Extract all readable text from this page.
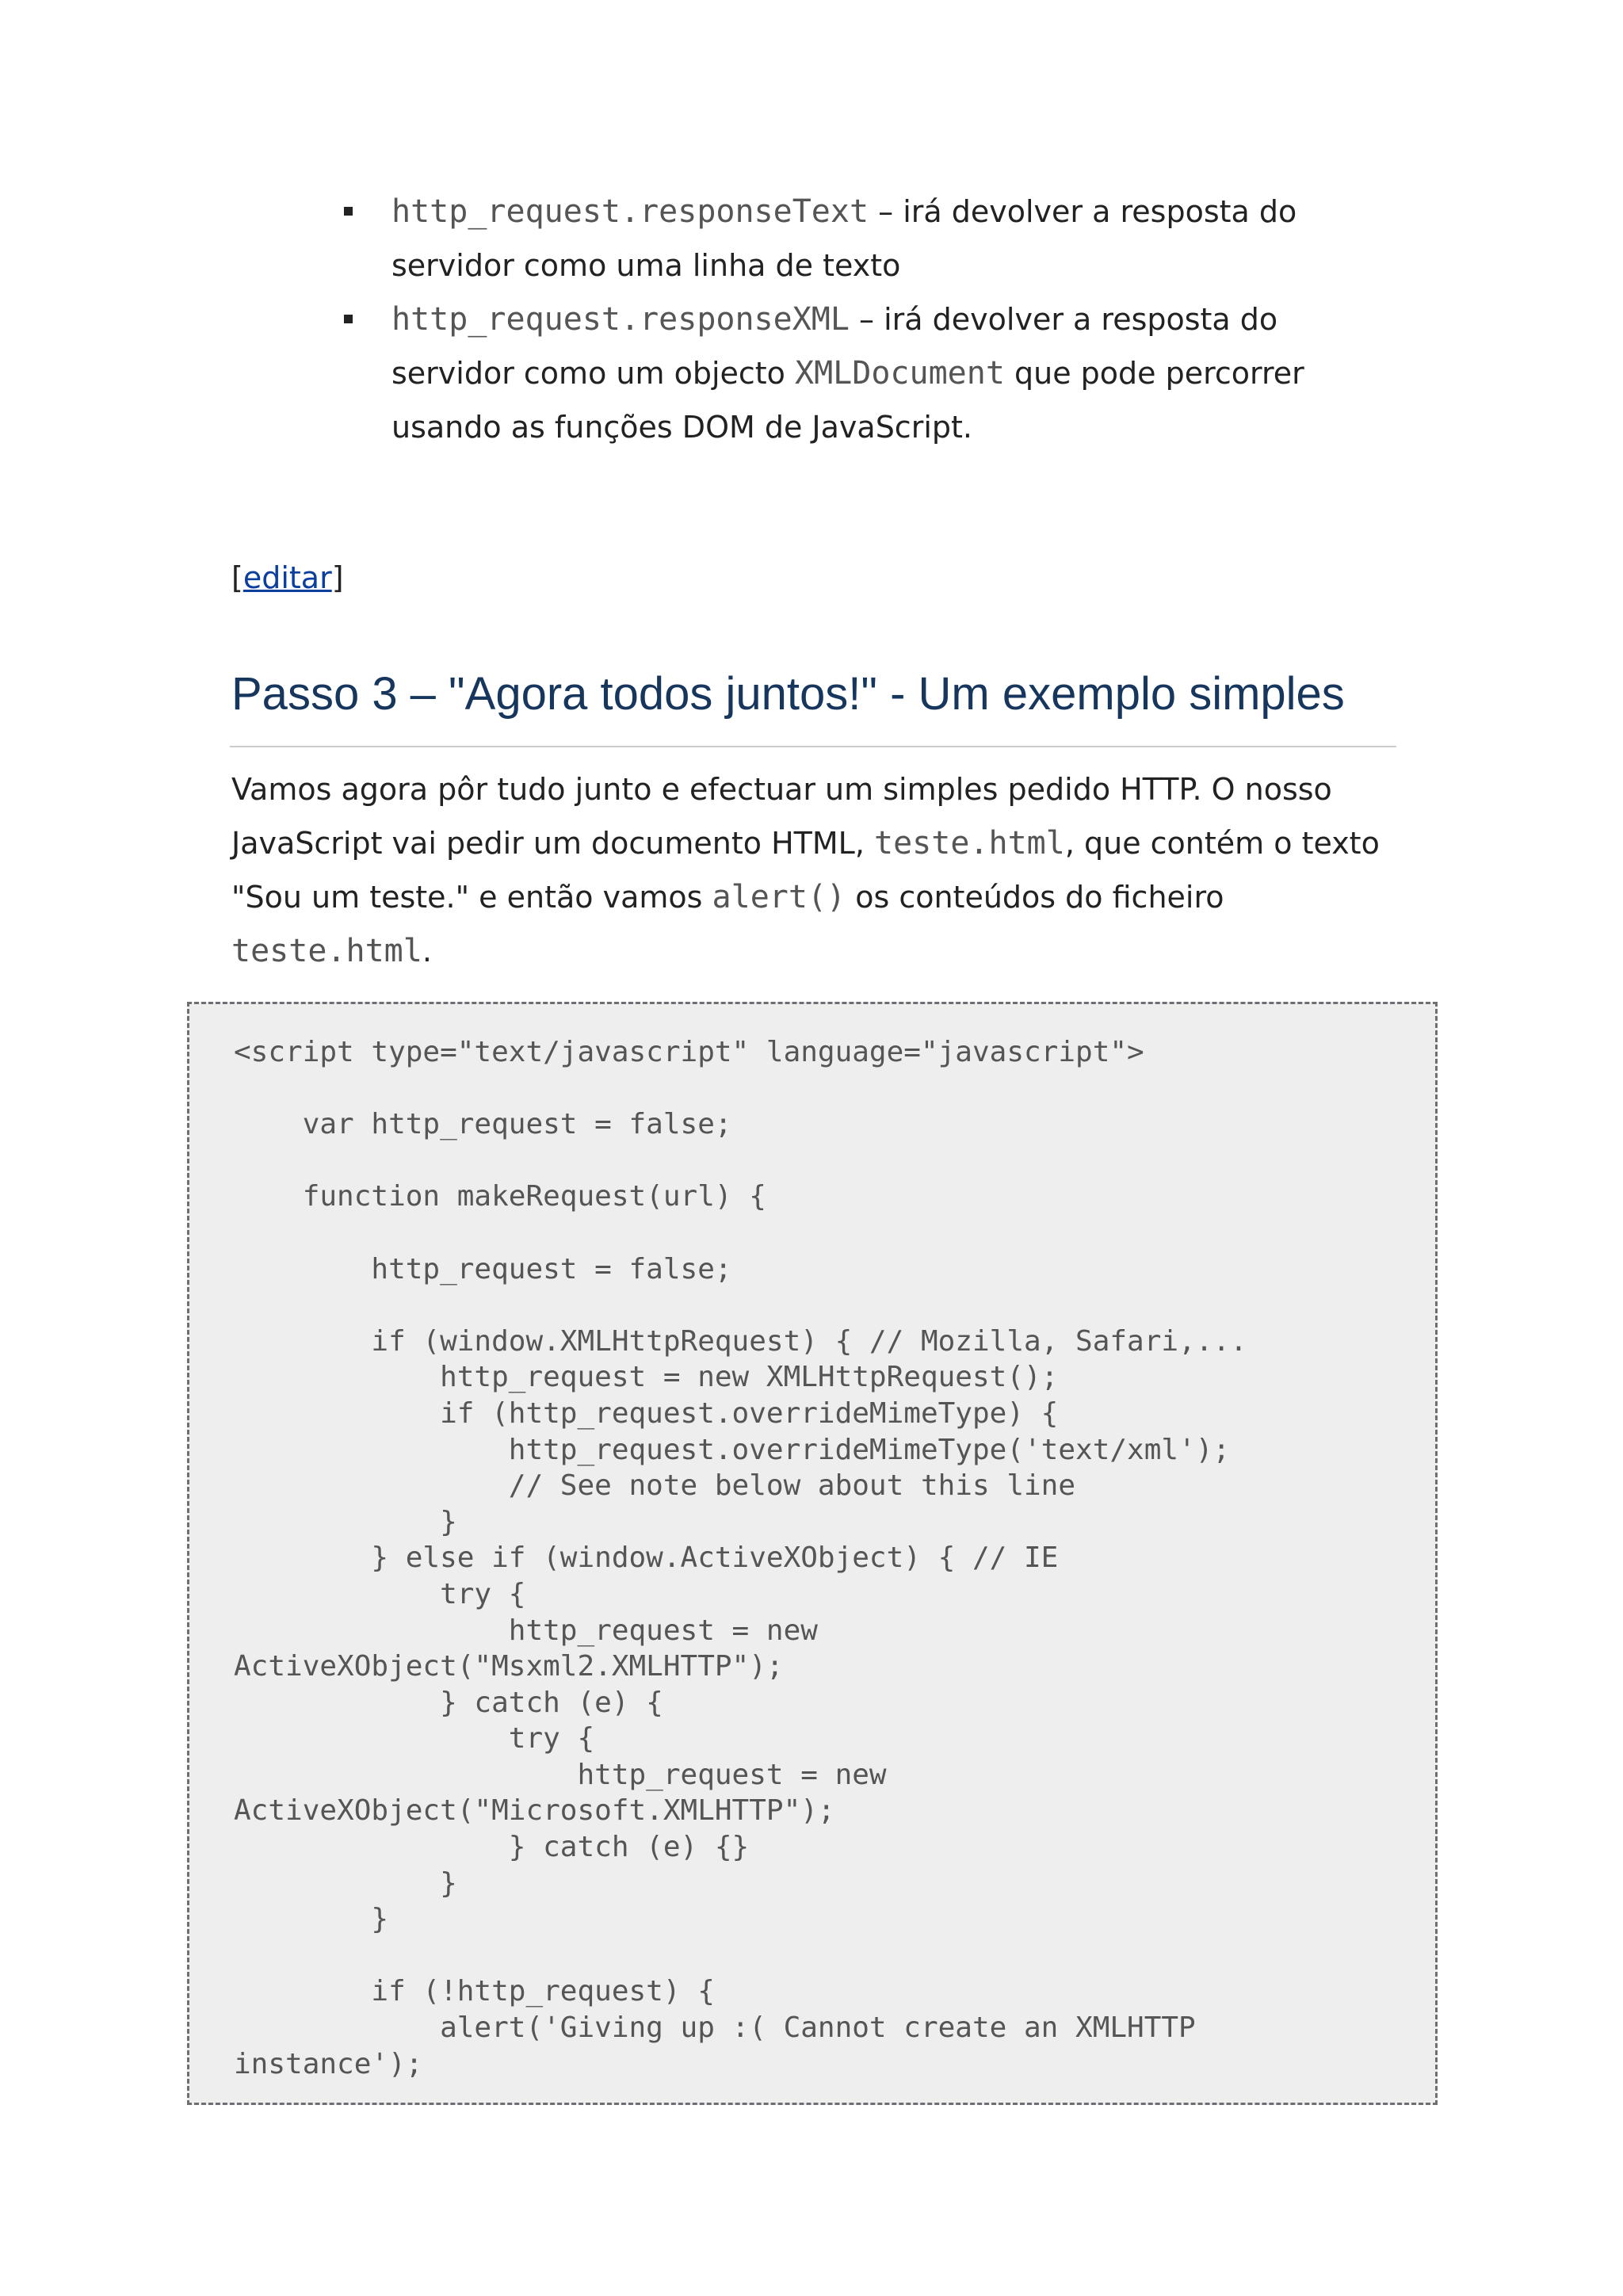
http_request.responseText – irá devolver a resposta do servidor como uma linha de texto
http_request.responseXML – irá devolver a resposta do servidor como um objecto XMLDocument que pode percorrer usando as funções DOM de JavaScript.
[editar]
Passo 3 – "Agora todos juntos!" - Um exemplo simples

Vamos agora pôr tudo junto e efectuar um simples pedido HTTP. O nosso JavaScript vai pedir um documento HTML, teste.html, que contém o texto "Sou um teste." e então vamos alert() os conteúdos do ficheiro teste.html.

<script type="text/javascript" language="javascript">

var http_request = false;

function makeRequest(url) {

http_request = false;

if (window.XMLHttpRequest) { // Mozilla, Safari,...
http_request = new XMLHttpRequest();
if (http_request.overrideMimeType) {
http_request.overrideMimeType('text/xml');
// See note below about this line
}
} else if (window.ActiveXObject) { // IE
try {
http_request = new
ActiveXObject("Msxml2.XMLHTTP");
} catch (e) {
try {
http_request = new
ActiveXObject("Microsoft.XMLHTTP");
} catch (e) {}
}
}

if (!http_request) {
alert('Giving up :( Cannot create an XMLHTTP
instance');
